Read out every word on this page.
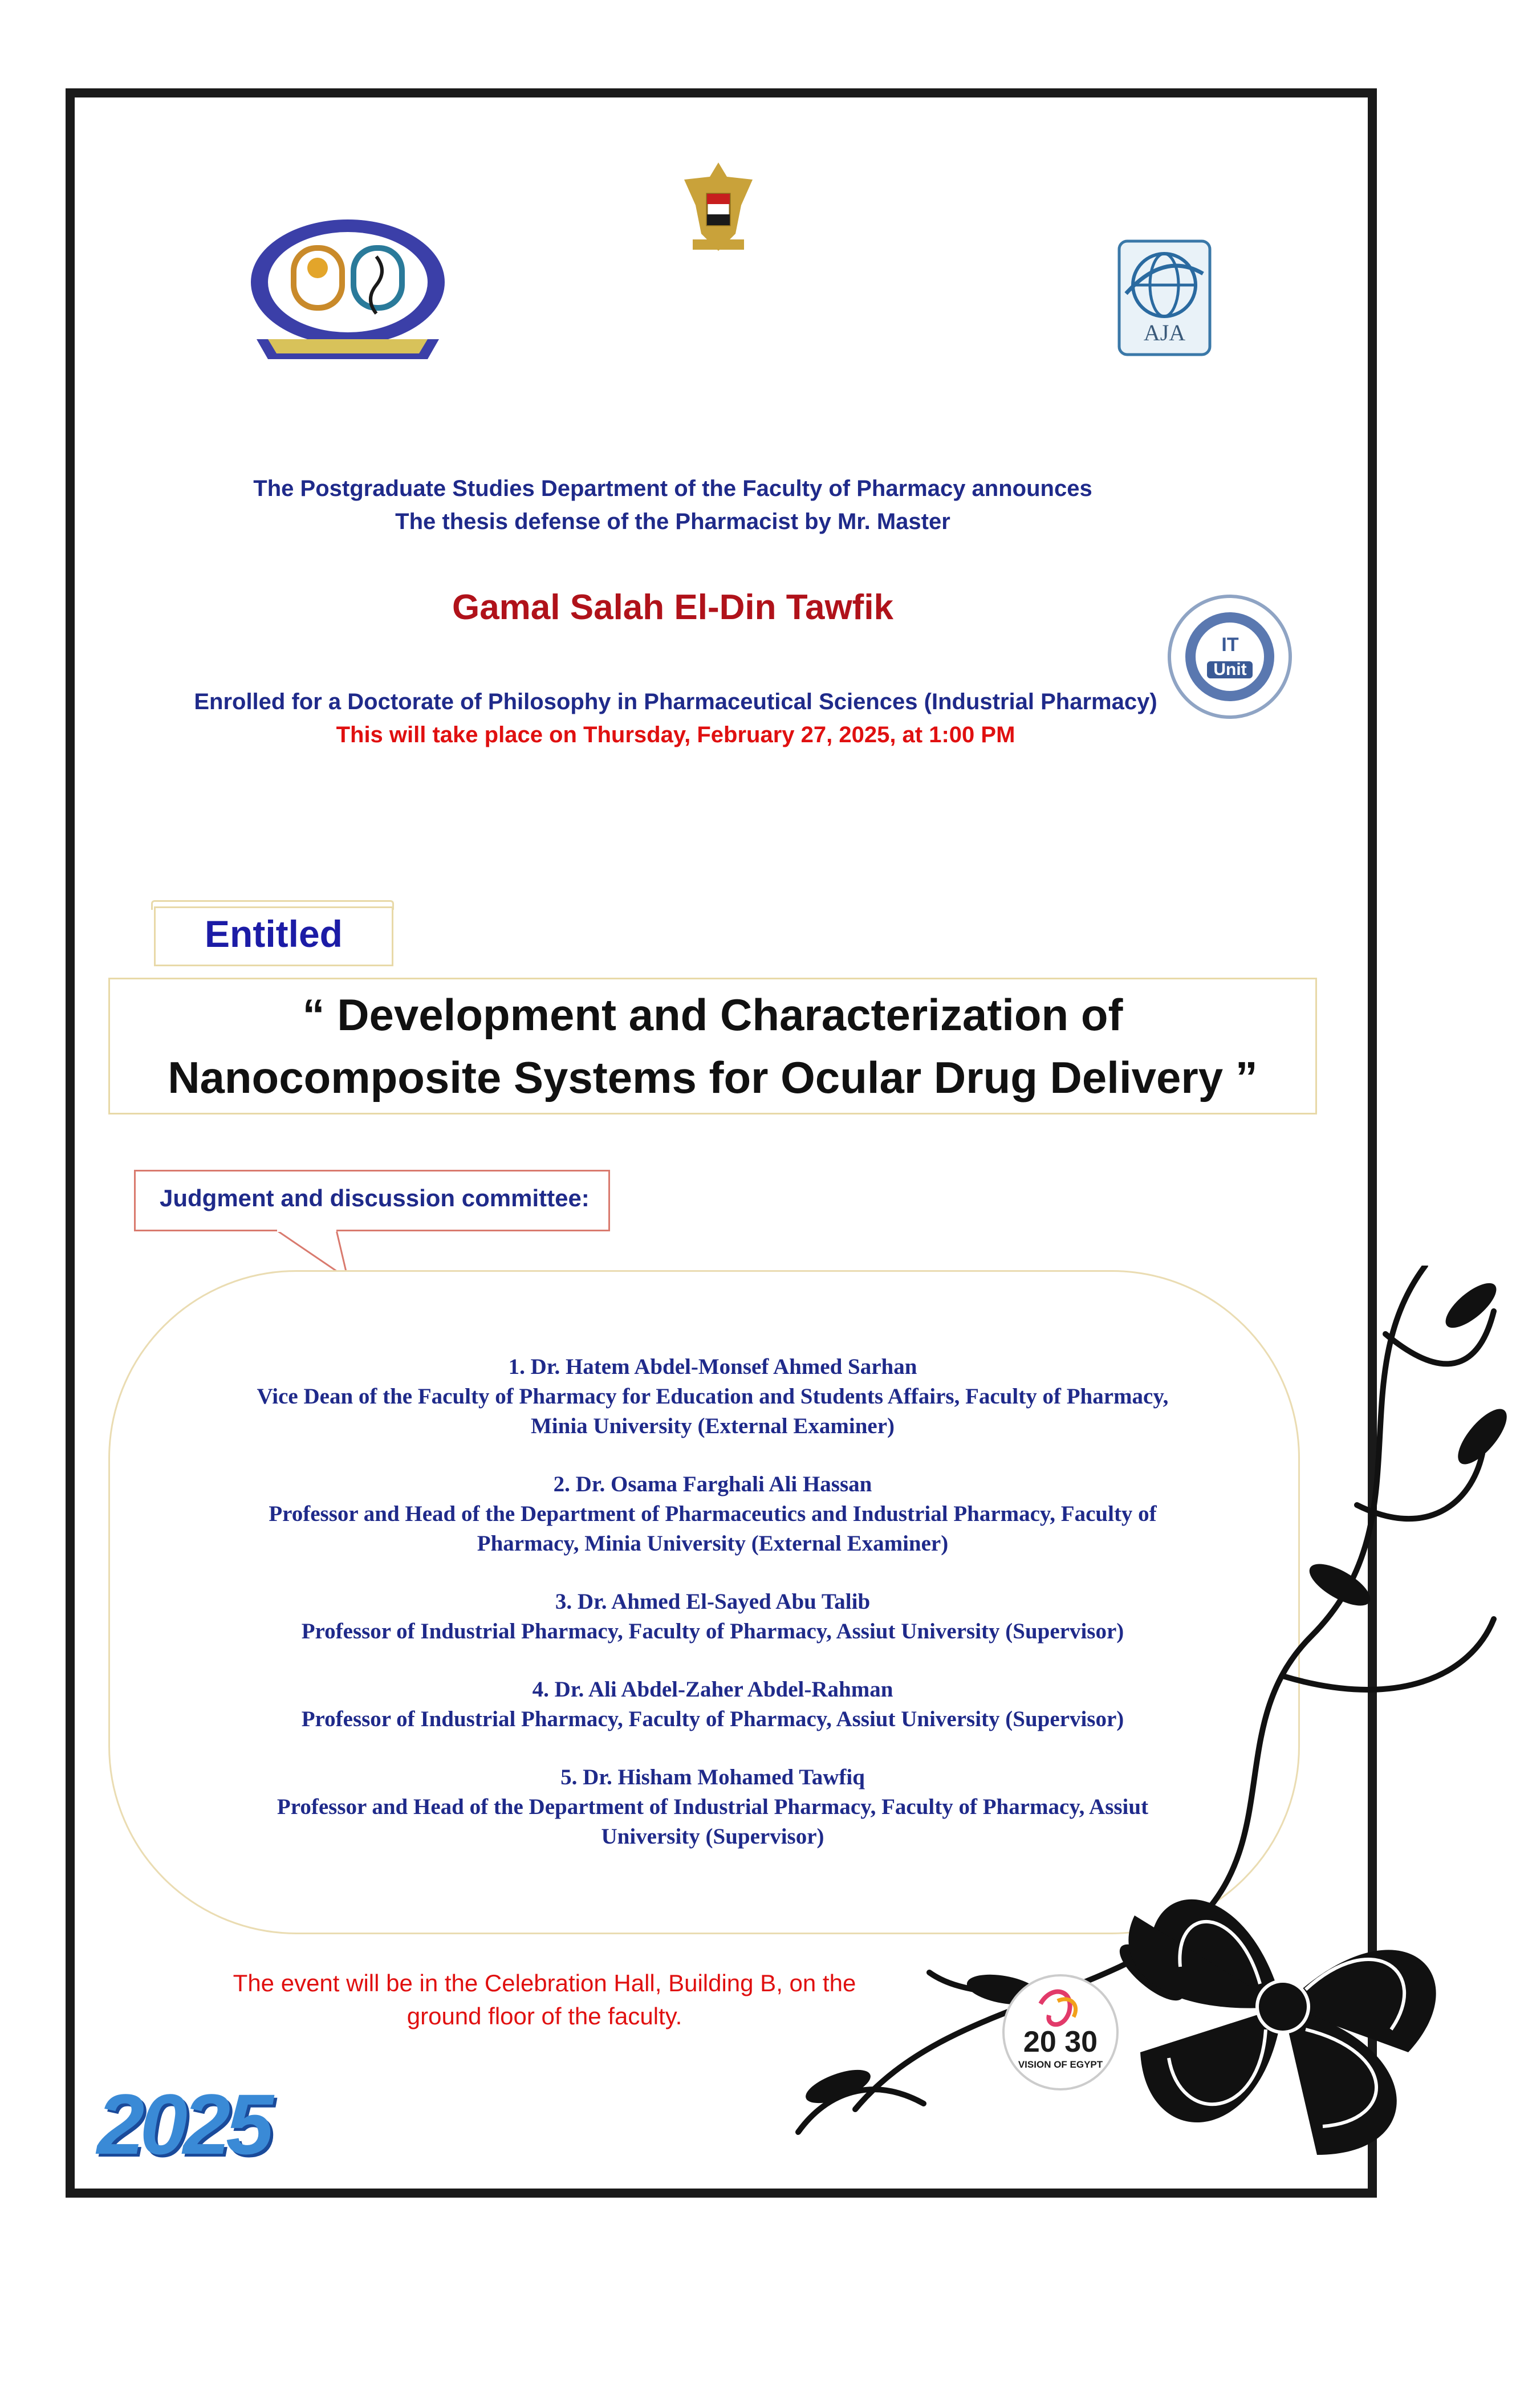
AJA
The Postgraduate Studies Department of the Faculty of Pharmacy announces
The thesis defense of the Pharmacist by Mr. Master
Gamal Salah El-Din Tawfik
IT
Unit
Enrolled for a Doctorate of Philosophy in Pharmaceutical Sciences (Industrial Pharmacy)
This will take place on Thursday, February 27, 2025, at 1:00 PM
Entitled
“ Development and Characterization of
Nanocomposite Systems for Ocular Drug Delivery ”
Judgment and discussion committee:
1. Dr. Hatem Abdel-Monsef Ahmed Sarhan
Vice Dean of the Faculty of Pharmacy for Education and Students Affairs, Faculty of Pharmacy,
Minia University (External Examiner)
2. Dr. Osama Farghali Ali Hassan
Professor and Head of the Department of Pharmaceutics and Industrial Pharmacy, Faculty of
Pharmacy, Minia University (External Examiner)
3. Dr. Ahmed El-Sayed Abu Talib
Professor of Industrial Pharmacy, Faculty of Pharmacy, Assiut University (Supervisor)
4. Dr. Ali Abdel-Zaher Abdel-Rahman
Professor of Industrial Pharmacy, Faculty of Pharmacy, Assiut University (Supervisor)
5. Dr. Hisham Mohamed Tawfiq
Professor and Head of the Department of Industrial Pharmacy, Faculty of Pharmacy, Assiut
University (Supervisor)
The event will be in the Celebration Hall, Building B, on the
ground floor of the faculty.
20 30
VISION OF EGYPT
2025
